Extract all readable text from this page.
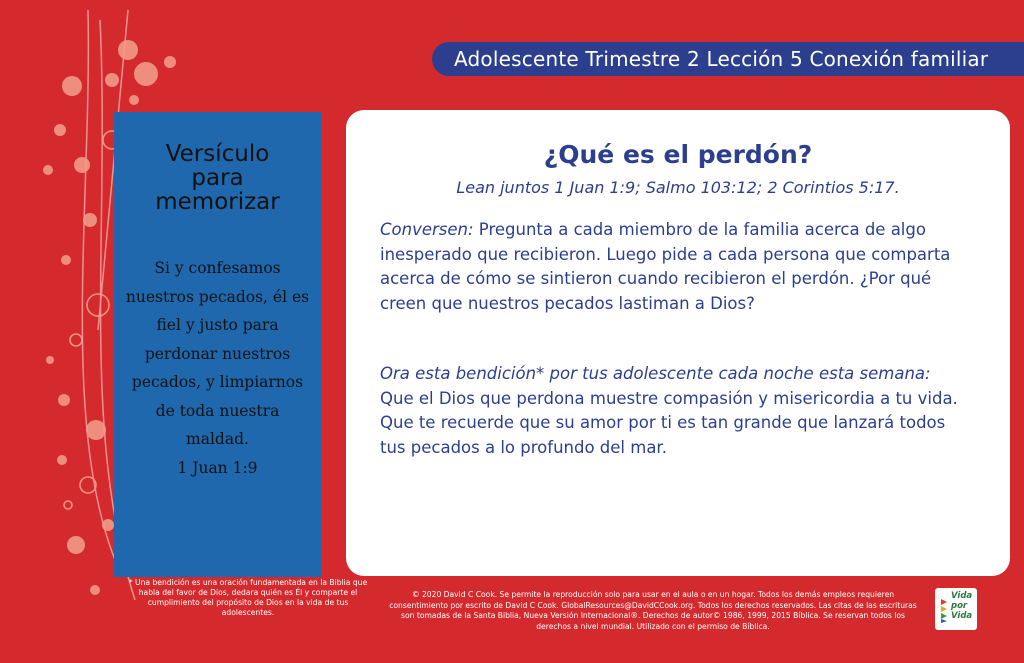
Adolescente Trimestre 2 Lección 5 Conexión familiar
Versículo
para
memorizar
Si y confesamos nuestros pecados, él es fiel y justo para perdonar nuestros pecados, y limpiarnos de toda nuestra maldad.
1 Juan 1:9
* Una bendición es una oración fundamentada en la Biblia que habla del favor de Dios, dedara quién es Él y comparte el cumplimiento del propósito de Dios en la vida de tus adolescentes.
¿Qué es el perdón?
Lean juntos 1 Juan 1:9; Salmo 103:12; 2 Corintios 5:17.
Conversen: Pregunta a cada miembro de la familia acerca de algo inesperado que recibieron. Luego pide a cada persona que comparta acerca de cómo se sintieron cuando recibieron el perdón. ¿Por qué creen que nuestros pecados lastiman a Dios?
Ora esta bendición* por tus adolescente cada noche esta semana:
Que el Dios que perdona muestre compasión y misericordia a tu vida. Que te recuerde que su amor por ti es tan grande que lanzará todos tus pecados a lo profundo del mar.
© 2020 David C Cook. Se permite la reproducción solo para usar en el aula o en un hogar. Todos los demás empleos requieren consentimiento por escrito de David C Cook. GlobalResources@DavidCCook.org. Todos los derechos reservados. Las citas de las escrituras son tomadas de la Santa Biblia, Nueva Versión Internacional®. Derechos de autor© 1986, 1999, 2015 Bíblica. Se reservan todos los derechos a nivel mundial. Utilizado con el permiso de Bíblica.
Vida
por
Vida
